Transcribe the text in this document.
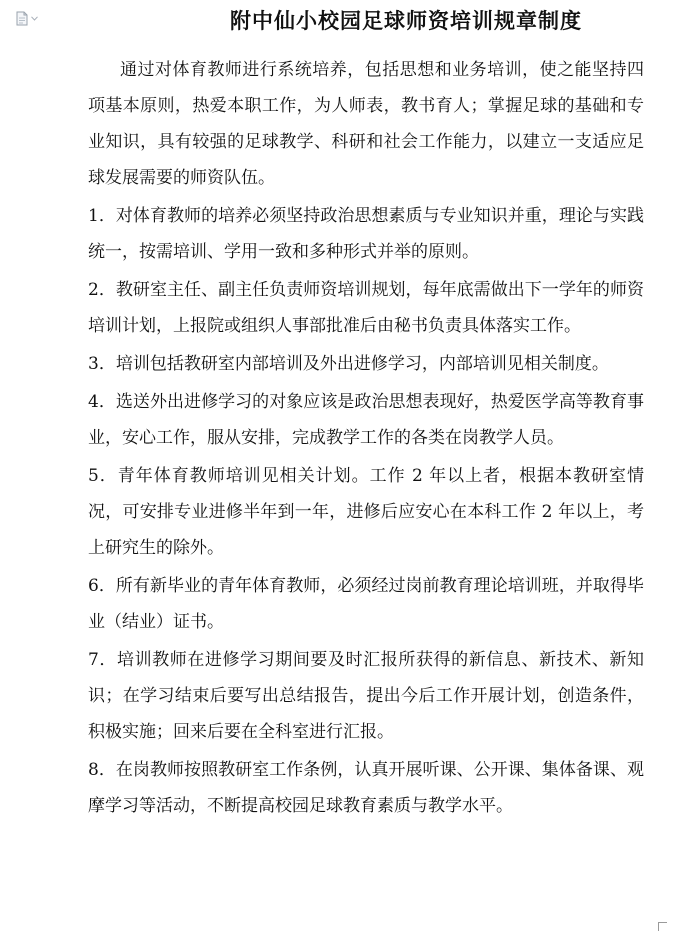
附中仙小校园足球师资培训规章制度

通过对体育教师进行系统培养，包括思想和业务培训，使之能坚持四项基本原则，热爱本职工作，为人师表，教书育人；掌握足球的基础和专业知识，具有较强的足球教学、科研和社会工作能力，以建立一支适应足球发展需要的师资队伍。

1．对体育教师的培养必须坚持政治思想素质与专业知识并重，理论与实践统一，按需培训、学用一致和多种形式并举的原则。

2．教研室主任、副主任负责师资培训规划，每年底需做出下一学年的师资培训计划，上报院或组织人事部批准后由秘书负责具体落实工作。

3．培训包括教研室内部培训及外出进修学习，内部培训见相关制度。

4．选送外出进修学习的对象应该是政治思想表现好，热爱医学高等教育事业，安心工作，服从安排，完成教学工作的各类在岗教学人员。

5．青年体育教师培训见相关计划。工作 2 年以上者，根据本教研室情况，可安排专业进修半年到一年，进修后应安心在本科工作 2 年以上，考上研究生的除外。

6．所有新毕业的青年体育教师，必须经过岗前教育理论培训班，并取得毕业（结业）证书。

7．培训教师在进修学习期间要及时汇报所获得的新信息、新技术、新知识；在学习结束后要写出总结报告，提出今后工作开展计划，创造条件，积极实施；回来后要在全科室进行汇报。

8．在岗教师按照教研室工作条例，认真开展听课、公开课、集体备课、观摩学习等活动，不断提高校园足球教育素质与教学水平。
